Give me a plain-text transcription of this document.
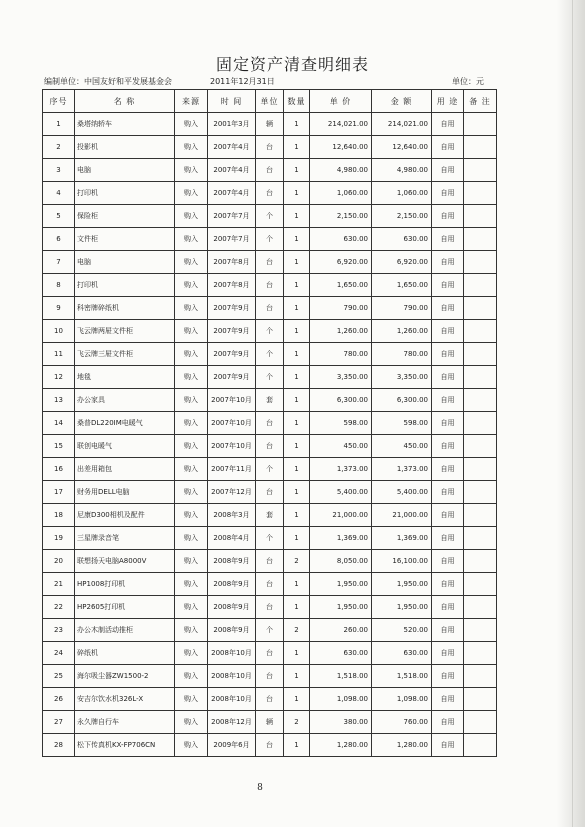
固定资产清查明细表
编制单位：中国友好和平发展基金会	2011年12月31日	单位：元
序号	名 称	来源	时 间	单位	数量	单 价	金 额	用 途	备 注
1	桑塔纳轿车	购入	2001年3月	辆	1	214,021.00	214,021.00	自用	
2	投影机	购入	2007年4月	台	1	12,640.00	12,640.00	自用	
3	电脑	购入	2007年4月	台	1	4,980.00	4,980.00	自用	
4	打印机	购入	2007年4月	台	1	1,060.00	1,060.00	自用	
5	保险柜	购入	2007年7月	个	1	2,150.00	2,150.00	自用	
6	文件柜	购入	2007年7月	个	1	630.00	630.00	自用	
7	电脑	购入	2007年8月	台	1	6,920.00	6,920.00	自用	
8	打印机	购入	2007年8月	台	1	1,650.00	1,650.00	自用	
9	科密牌碎纸机	购入	2007年9月	台	1	790.00	790.00	自用	
10	飞云牌两屉文件柜	购入	2007年9月	个	1	1,260.00	1,260.00	自用	
11	飞云牌三屉文件柜	购入	2007年9月	个	1	780.00	780.00	自用	
12	地毯	购入	2007年9月	个	1	3,350.00	3,350.00	自用	
13	办公家具	购入	2007年10月	套	1	6,300.00	6,300.00	自用	
14	桑普DL220IM电暖气	购入	2007年10月	台	1	598.00	598.00	自用	
15	联创电暖气	购入	2007年10月	台	1	450.00	450.00	自用	
16	出差用箱包	购入	2007年11月	个	1	1,373.00	1,373.00	自用	
17	财务用DELL电脑	购入	2007年12月	台	1	5,400.00	5,400.00	自用	
18	尼康D300相机及配件	购入	2008年3月	套	1	21,000.00	21,000.00	自用	
19	三星牌录音笔	购入	2008年4月	个	1	1,369.00	1,369.00	自用	
20	联想扬天电脑A8000V	购入	2008年9月	台	2	8,050.00	16,100.00	自用	
21	HP1008打印机	购入	2008年9月	台	1	1,950.00	1,950.00	自用	
22	HP2605打印机	购入	2008年9月	台	1	1,950.00	1,950.00	自用	
23	办公木制活动推柜	购入	2008年9月	个	2	260.00	520.00	自用	
24	碎纸机	购入	2008年10月	台	1	630.00	630.00	自用	
25	海尔吸尘器ZW1500-2	购入	2008年10月	台	1	1,518.00	1,518.00	自用	
26	安吉尔饮水机326L-X	购入	2008年10月	台	1	1,098.00	1,098.00	自用	
27	永久牌自行车	购入	2008年12月	辆	2	380.00	760.00	自用	
28	松下传真机KX-FP706CN	购入	2009年6月	台	1	1,280.00	1,280.00	自用	
8
